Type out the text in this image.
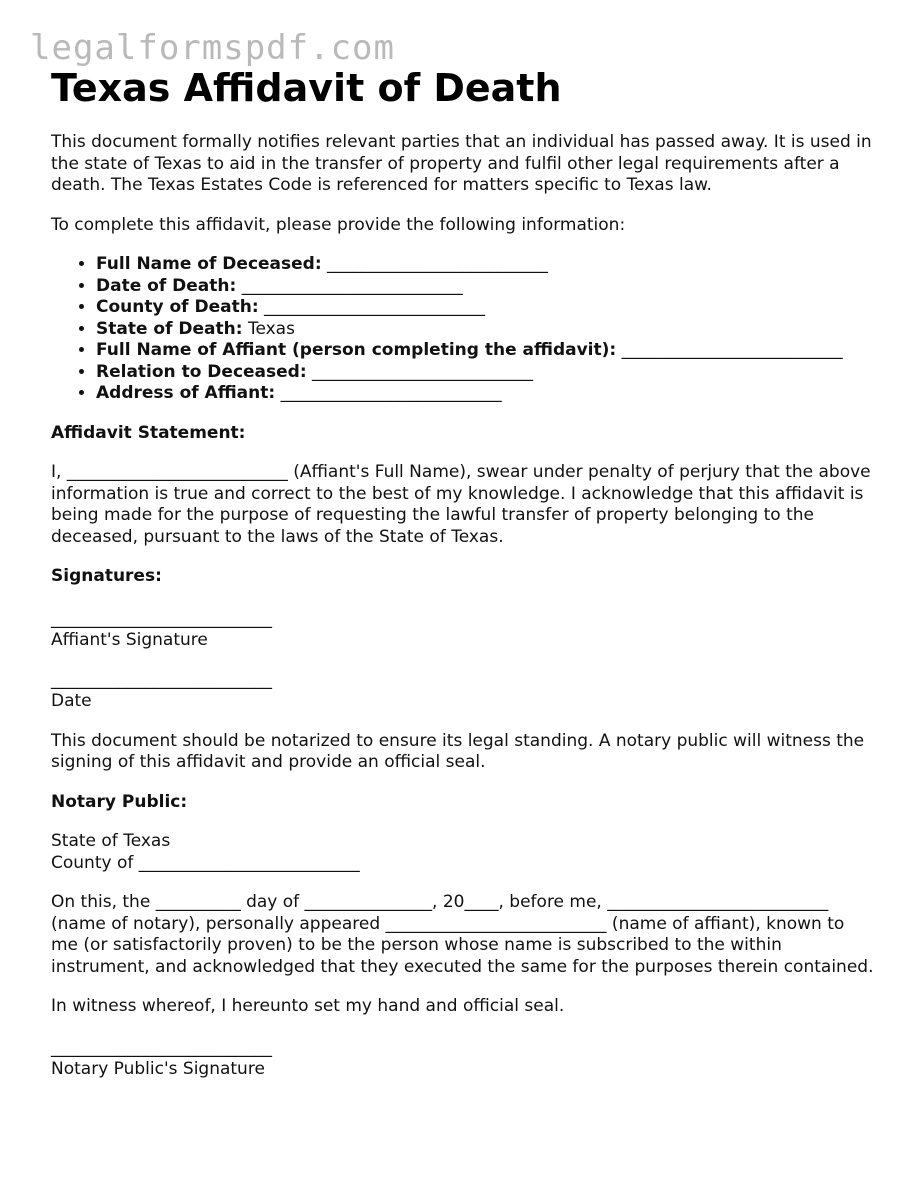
legalformspdf.com
Texas Affidavit of Death

This document formally notifies relevant parties that an individual has passed away. It is used in the state of Texas to aid in the transfer of property and fulfil other legal requirements after a death. The Texas Estates Code is referenced for matters specific to Texas law.

To complete this affidavit, please provide the following information:

• Full Name of Deceased: __________________________
• Date of Death: __________________________
• County of Death: __________________________
• State of Death: Texas
• Full Name of Affiant (person completing the affidavit): __________________________
• Relation to Deceased: __________________________
• Address of Affiant: __________________________

Affidavit Statement:

I, __________________________ (Affiant's Full Name), swear under penalty of perjury that the above information is true and correct to the best of my knowledge. I acknowledge that this affidavit is being made for the purpose of requesting the lawful transfer of property belonging to the deceased, pursuant to the laws of the State of Texas.

Signatures:

__________________________

Affiant's Signature

__________________________

Date

This document should be notarized to ensure its legal standing. A notary public will witness the signing of this affidavit and provide an official seal.

Notary Public:

State of Texas

County of __________________________

On this, the __________ day of _______________, 20____, before me, __________________________ (name of notary), personally appeared __________________________ (name of affiant), known to me (or satisfactorily proven) to be the person whose name is subscribed to the within instrument, and acknowledged that they executed the same for the purposes therein contained.

In witness whereof, I hereunto set my hand and official seal.

__________________________

Notary Public's Signature
